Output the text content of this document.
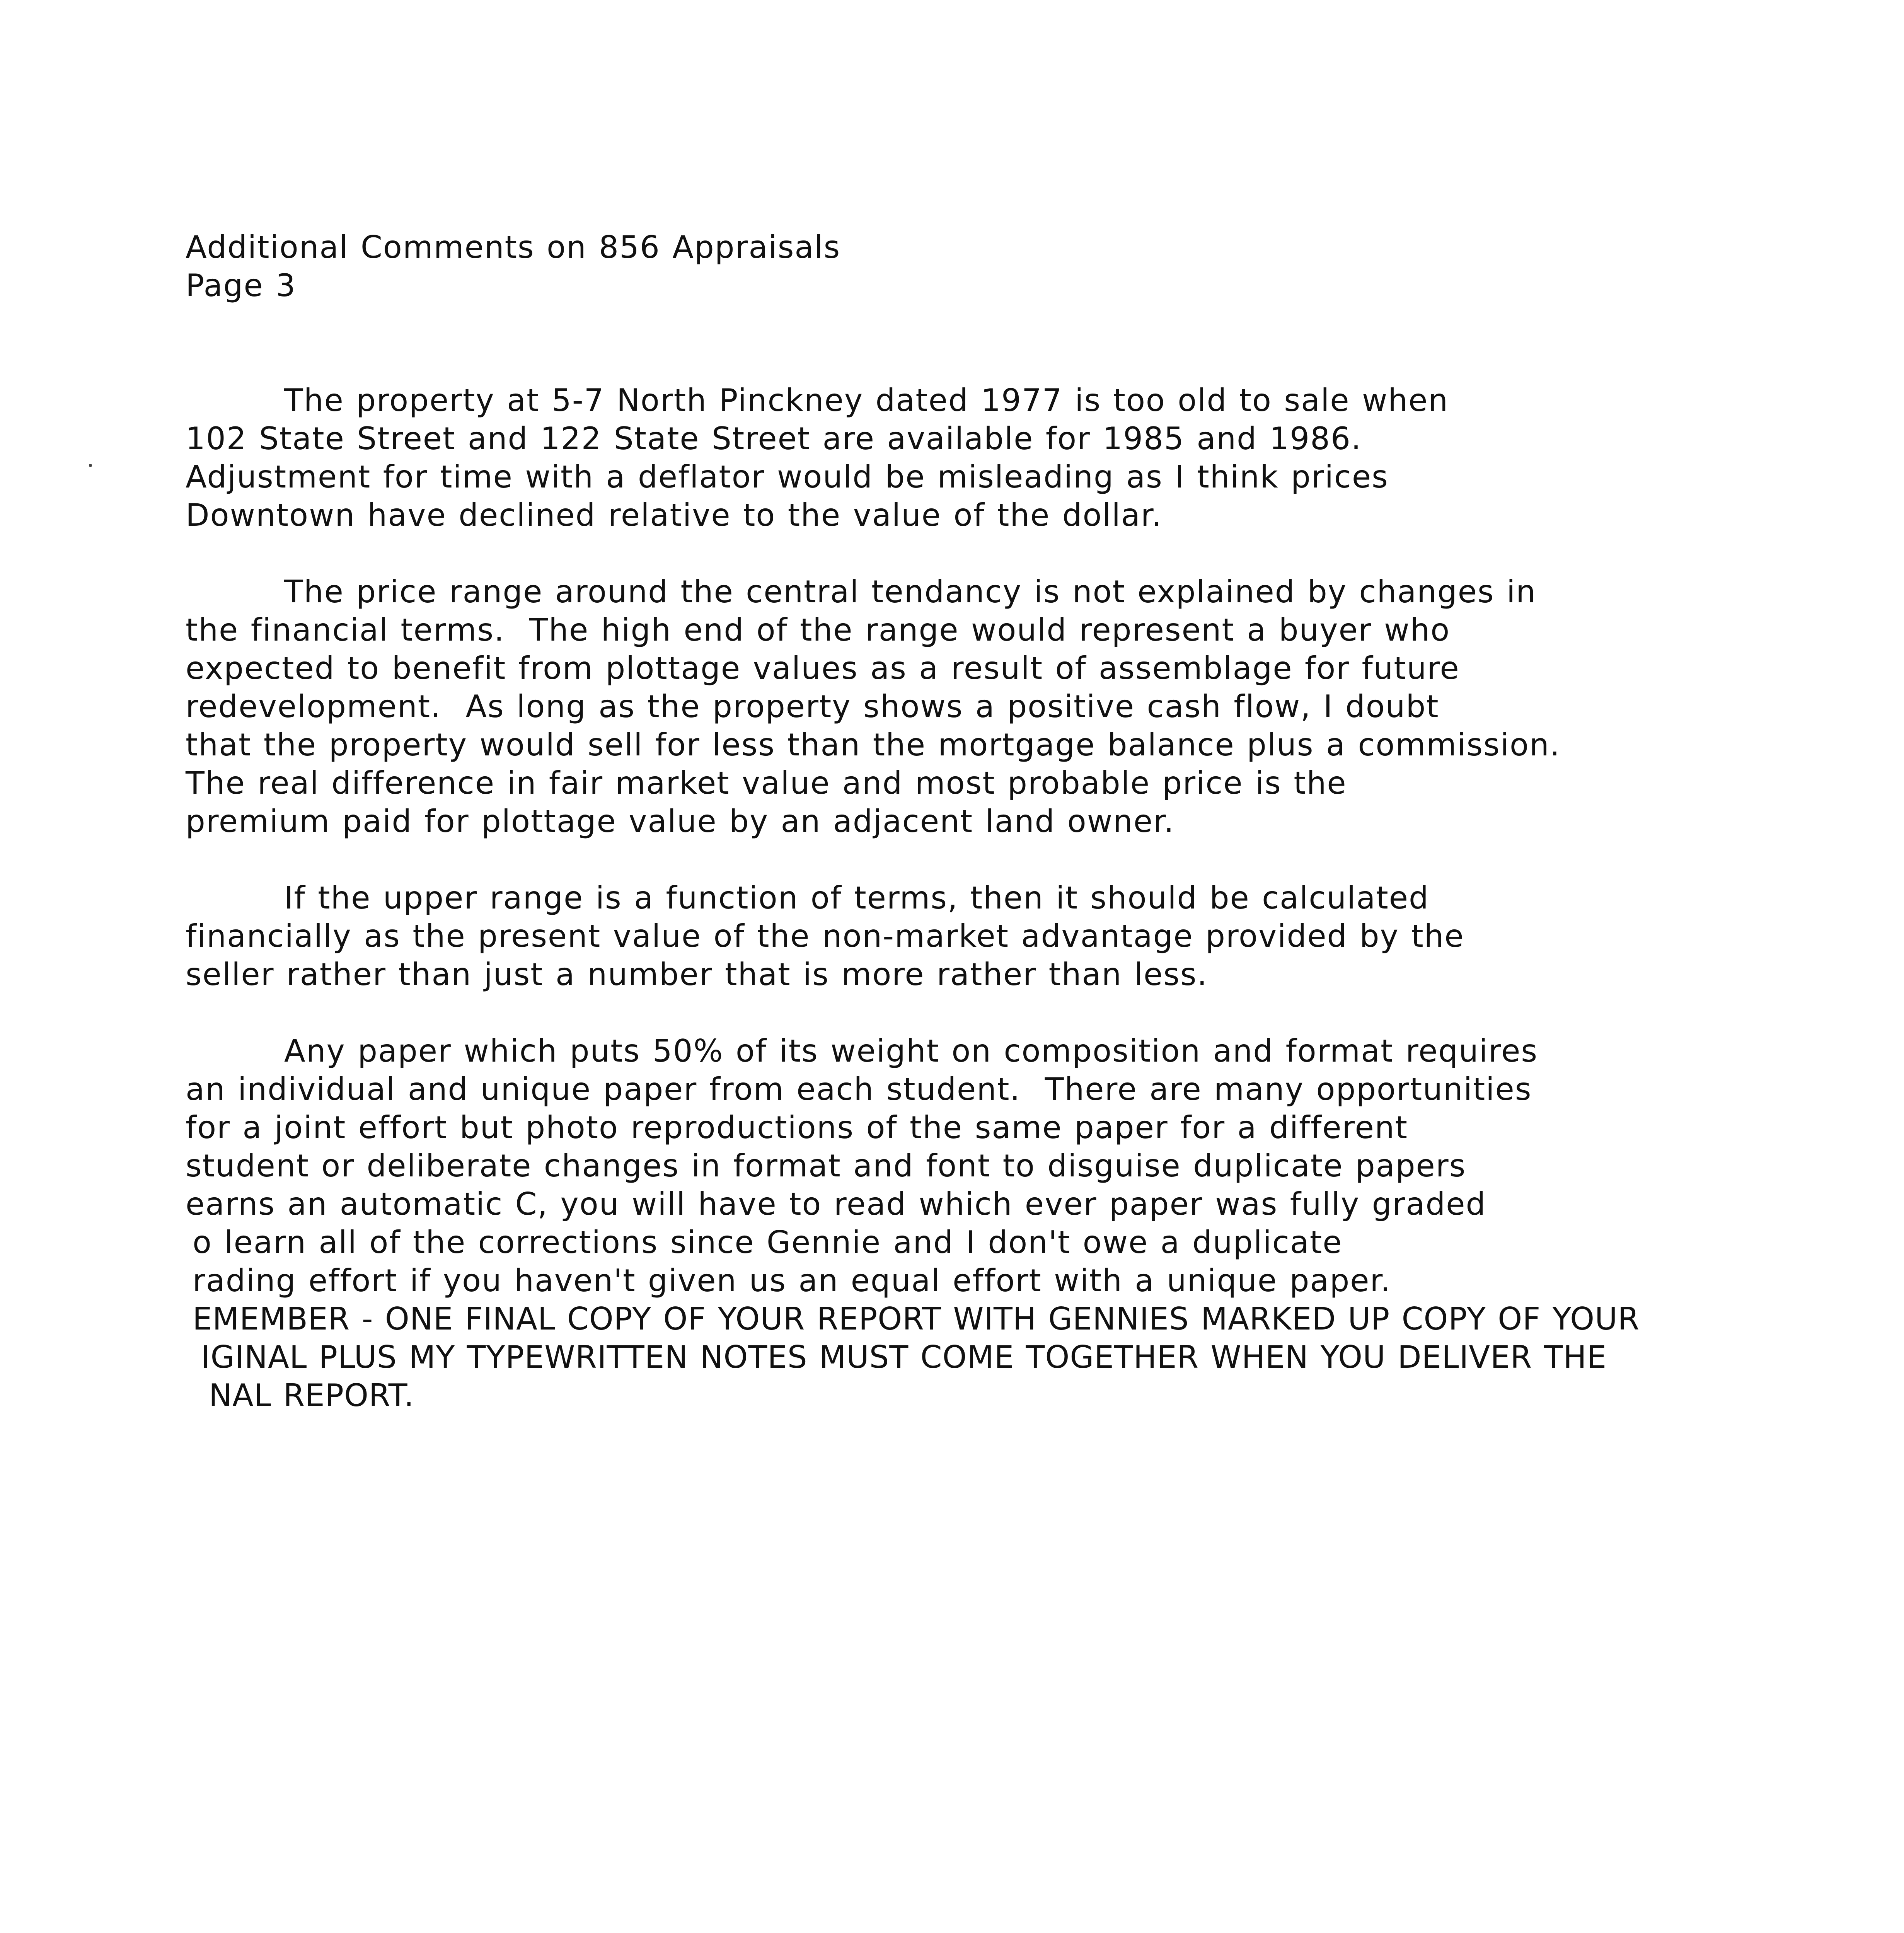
Additional Comments on 856 Appraisals
Page 3
The property at 5-7 North Pinckney dated 1977 is too old to sale when
102 State Street and 122 State Street are available for 1985 and 1986.
Adjustment for time with a deflator would be misleading as I think prices
Downtown have declined relative to the value of the dollar.
The price range around the central tendancy is not explained by changes in
the financial terms.  The high end of the range would represent a buyer who
expected to benefit from plottage values as a result of assemblage for future
redevelopment.  As long as the property shows a positive cash flow, I doubt
that the property would sell for less than the mortgage balance plus a commission.
The real difference in fair market value and most probable price is the
premium paid for plottage value by an adjacent land owner.
If the upper range is a function of terms, then it should be calculated
financially as the present value of the non-market advantage provided by the
seller rather than just a number that is more rather than less.
Any paper which puts 50% of its weight on composition and format requires
an individual and unique paper from each student.  There are many opportunities
for a joint effort but photo reproductions of the same paper for a different
student or deliberate changes in format and font to disguise duplicate papers
earns an automatic C, you will have to read which ever paper was fully graded
o learn all of the corrections since Gennie and I don't owe a duplicate
rading effort if you haven't given us an equal effort with a unique paper.
EMEMBER - ONE FINAL COPY OF YOUR REPORT WITH GENNIES MARKED UP COPY OF YOUR
IGINAL PLUS MY TYPEWRITTEN NOTES MUST COME TOGETHER WHEN YOU DELIVER THE
NAL REPORT.
